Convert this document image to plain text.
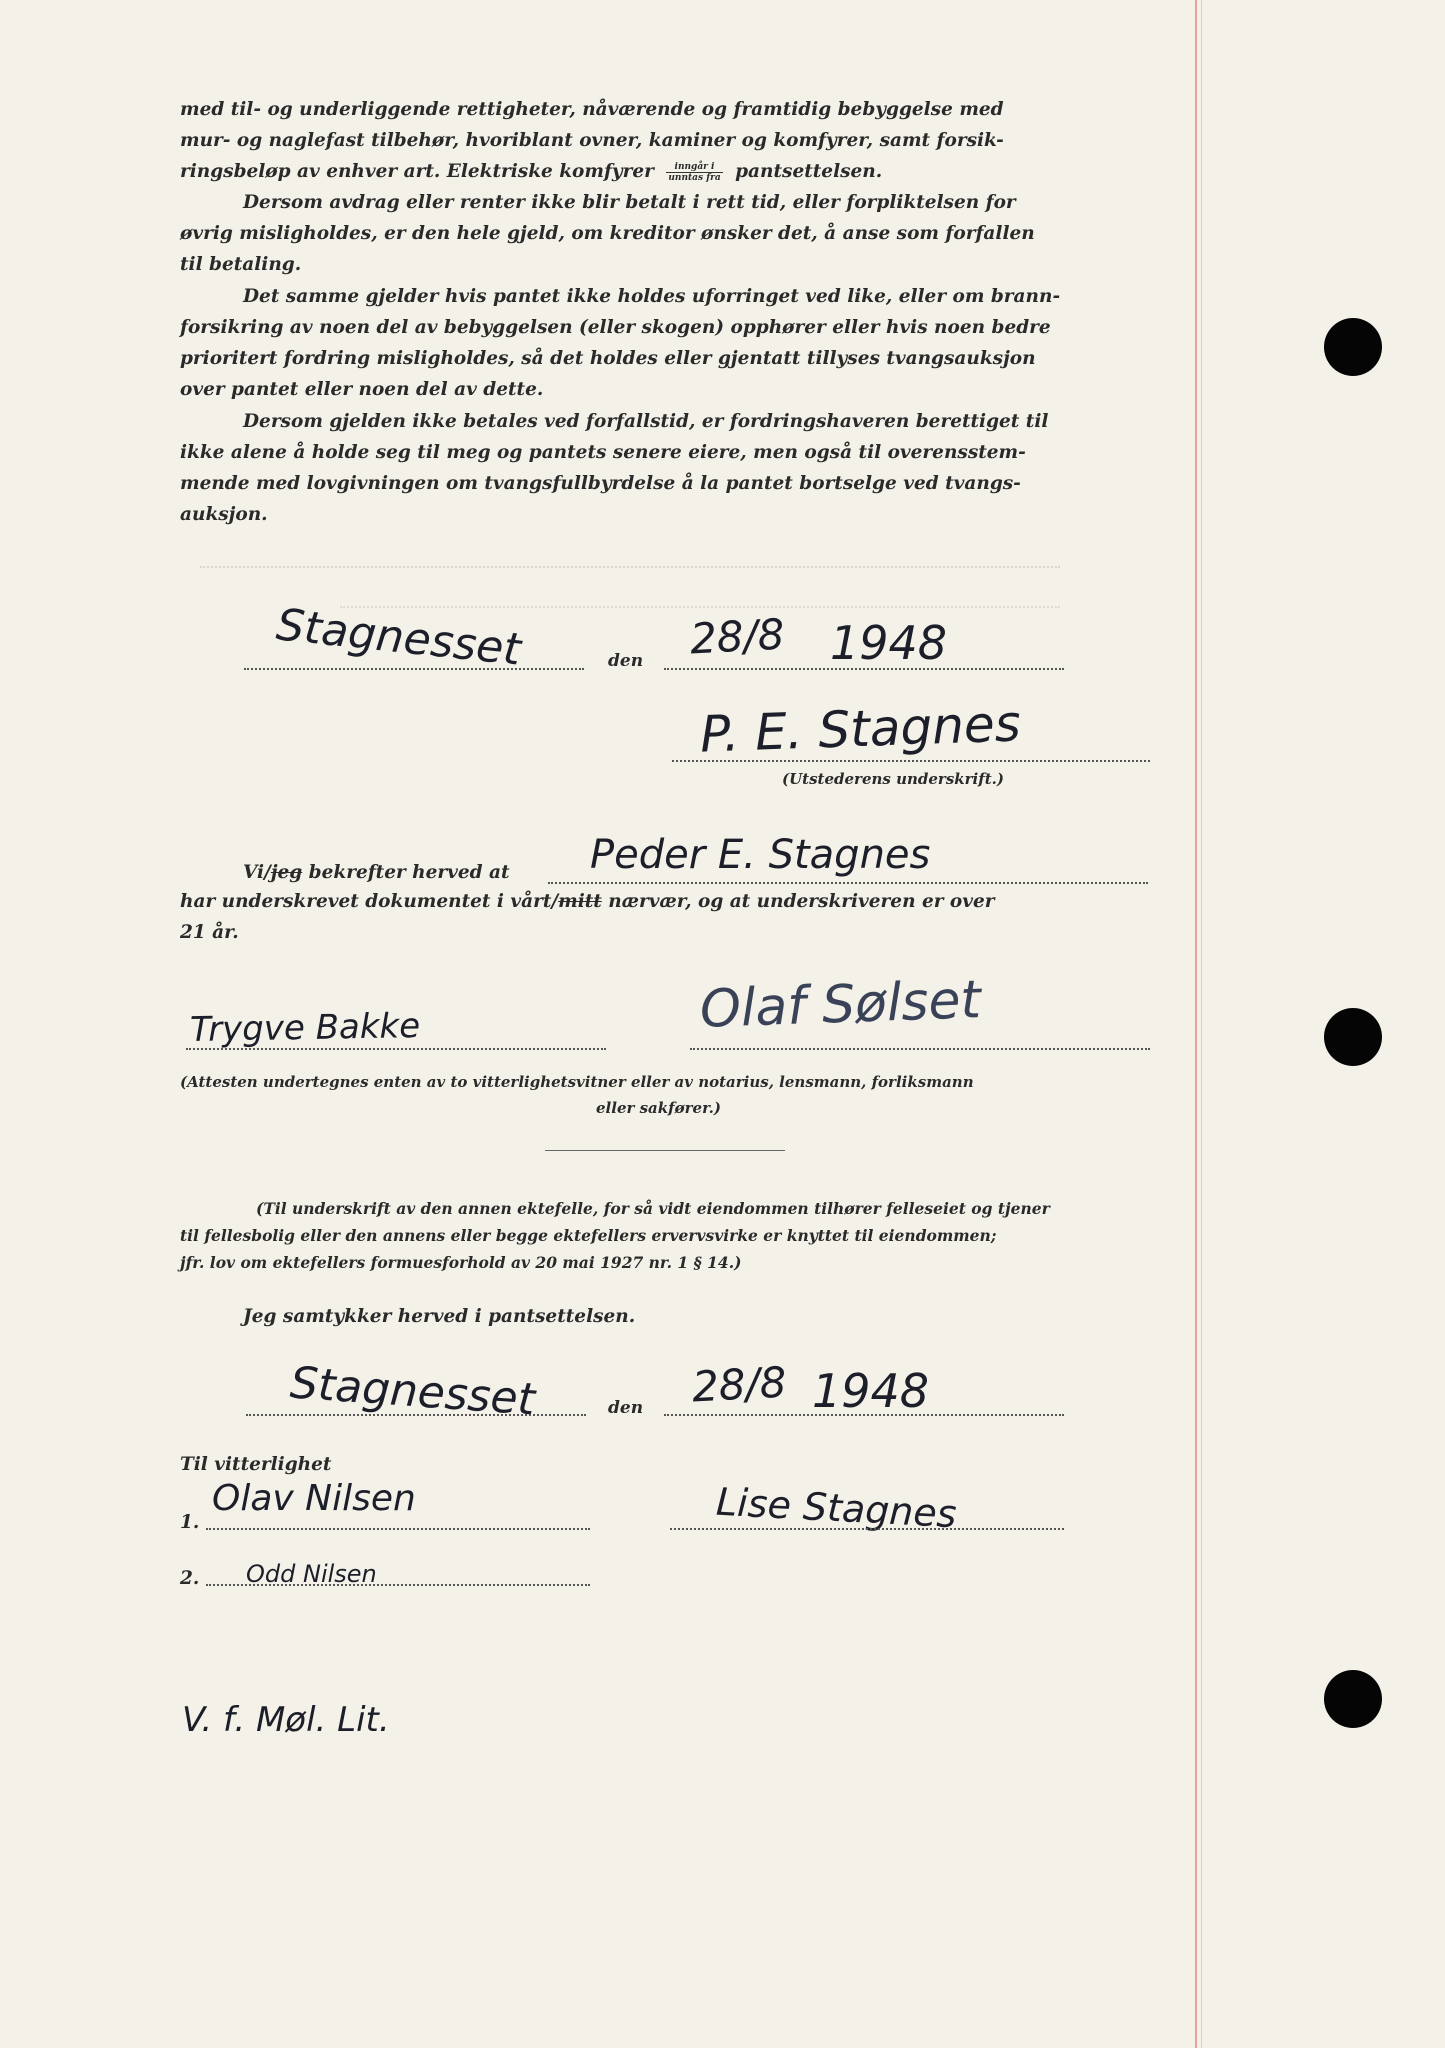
med til- og underliggende rettigheter, nåværende og framtidig bebyggelse med
mur- og naglefast tilbehør, hvoriblant ovner, kaminer og komfyrer, samt forsik-
ringsbeløp av enhver art. Elektriske komfyrer $\frac{\text{inngår i}}{\text{unntas fra}}$ pantsettelsen.
Dersom avdrag eller renter ikke blir betalt i rett tid, eller forpliktelsen for
øvrig misligholdes, er den hele gjeld, om kreditor ønsker det, å anse som forfallen
til betaling.
Det samme gjelder hvis pantet ikke holdes uforringet ved like, eller om brann-
forsikring av noen del av bebyggelsen (eller skogen) opphører eller hvis noen bedre
prioritert fordring misligholdes, så det holdes eller gjentatt tillyses tvangsauksjon
over pantet eller noen del av dette.
Dersom gjelden ikke betales ved forfallstid, er fordringshaveren berettiget til
ikke alene å holde seg til meg og pantets senere eiere, men også til overensstem-
mende med lovgivningen om tvangsfullbyrdelse å la pantet bortselge ved tvangs-
auksjon.
Stagnesset	den 28/8 1948
P. E. Stagnes
(Utstederens underskrift.)
Vi/jeg bekrefter herved at Peder E. Stagnes
har underskrevet dokumentet i vårt/mitt nærvær, og at underskriveren er over
21 år.
Trygve Bakke	Olaf Sølset
(Attesten undertegnes enten av to vitterlighetsvitner eller av notarius, lensmann, forliksmann
eller sakfører.)
(Til underskrift av den annen ektefelle, for så vidt eiendommen tilhører felleseiet og tjener
til fellesbolig eller den annens eller begge ektefellers ervervsvirke er knyttet til eiendommen;
jfr. lov om ektefellers formuesforhold av 20 mai 1927 nr. 1 § 14.)
Jeg samtykker herved i pantsettelsen.
Stagnesset	den 28/8 1948
Til vitterlighet
1.
Olav Nilsen	Lise Stagnes
2. Odd Nilsen
V. f. Møl. Lit.
